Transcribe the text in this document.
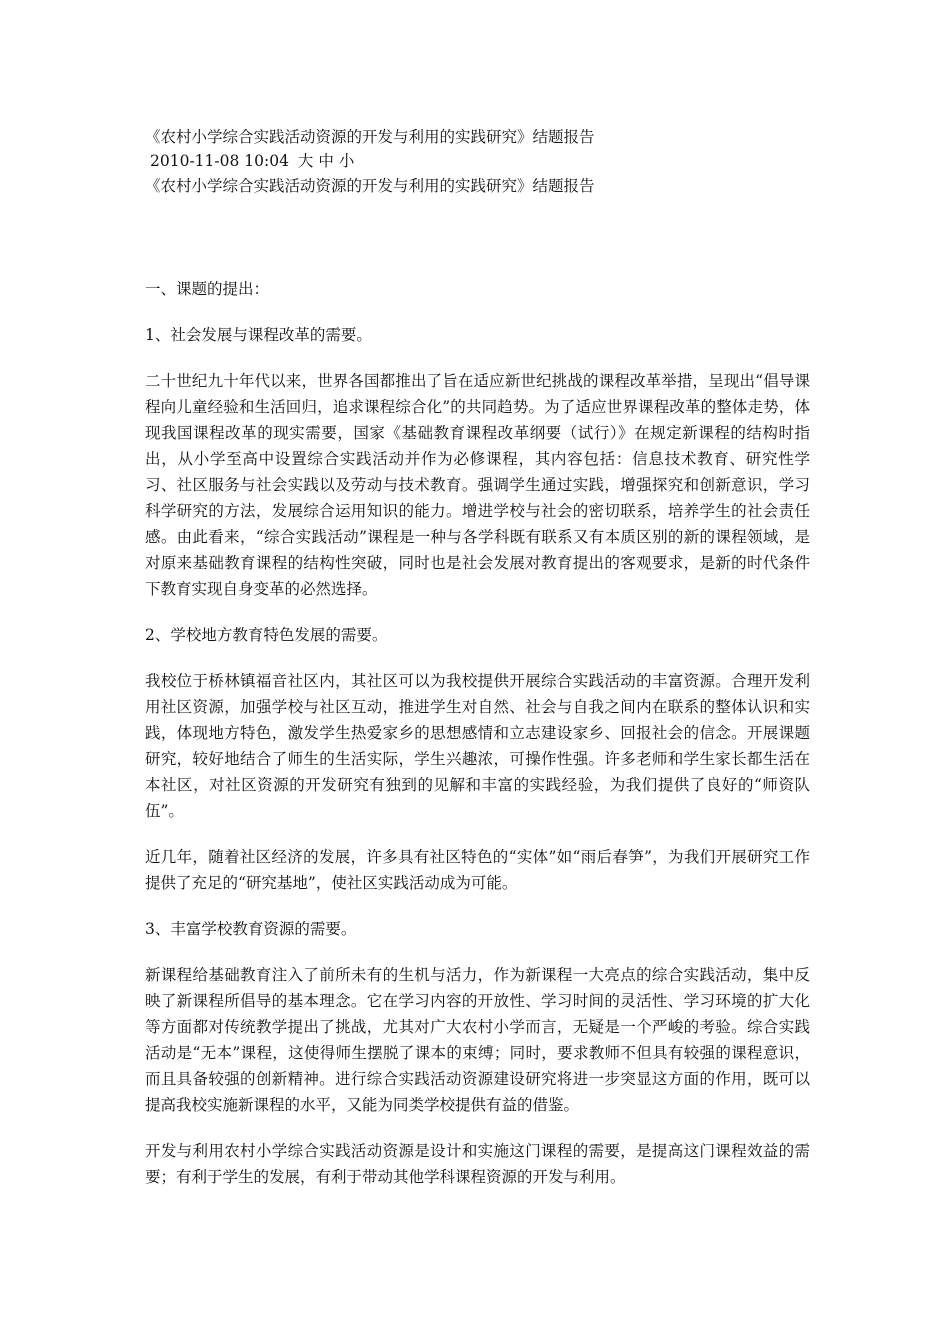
《农村小学综合实践活动资源的开发与利用的实践研究》结题报告
2010-11-08 10:04 大 中 小
《农村小学综合实践活动资源的开发与利用的实践研究》结题报告

一、课题的提出：

1、社会发展与课程改革的需要。

二十世纪九十年代以来，世界各国都推出了旨在适应新世纪挑战的课程改革举措，呈现出“倡导课程向儿童经验和生活回归，追求课程综合化”的共同趋势。为了适应世界课程改革的整体走势，体现我国课程改革的现实需要，国家《基础教育课程改革纲要（试行）》在规定新课程的结构时指出，从小学至高中设置综合实践活动并作为必修课程，其内容包括：信息技术教育、研究性学习、社区服务与社会实践以及劳动与技术教育。强调学生通过实践，增强探究和创新意识，学习科学研究的方法，发展综合运用知识的能力。增进学校与社会的密切联系，培养学生的社会责任感。由此看来，“综合实践活动”课程是一种与各学科既有联系又有本质区别的新的课程领域，是对原来基础教育课程的结构性突破，同时也是社会发展对教育提出的客观要求，是新的时代条件下教育实现自身变革的必然选择。

2、学校地方教育特色发展的需要。

我校位于桥林镇福音社区内，其社区可以为我校提供开展综合实践活动的丰富资源。合理开发利用社区资源，加强学校与社区互动，推进学生对自然、社会与自我之间内在联系的整体认识和实践，体现地方特色，激发学生热爱家乡的思想感情和立志建设家乡、回报社会的信念。开展课题研究，较好地结合了师生的生活实际，学生兴趣浓，可操作性强。许多老师和学生家长都生活在本社区，对社区资源的开发研究有独到的见解和丰富的实践经验，为我们提供了良好的“师资队伍”。

近几年，随着社区经济的发展，许多具有社区特色的“实体”如“雨后春笋”，为我们开展研究工作提供了充足的“研究基地”，使社区实践活动成为可能。

3、丰富学校教育资源的需要。

新课程给基础教育注入了前所未有的生机与活力，作为新课程一大亮点的综合实践活动，集中反映了新课程所倡导的基本理念。它在学习内容的开放性、学习时间的灵活性、学习环境的扩大化等方面都对传统教学提出了挑战，尤其对广大农村小学而言，无疑是一个严峻的考验。综合实践活动是“无本”课程，这使得师生摆脱了课本的束缚；同时，要求教师不但具有较强的课程意识，而且具备较强的创新精神。进行综合实践活动资源建设研究将进一步突显这方面的作用，既可以提高我校实施新课程的水平，又能为同类学校提供有益的借鉴。

开发与利用农村小学综合实践活动资源是设计和实施这门课程的需要，是提高这门课程效益的需要；有利于学生的发展，有利于带动其他学科课程资源的开发与利用。
